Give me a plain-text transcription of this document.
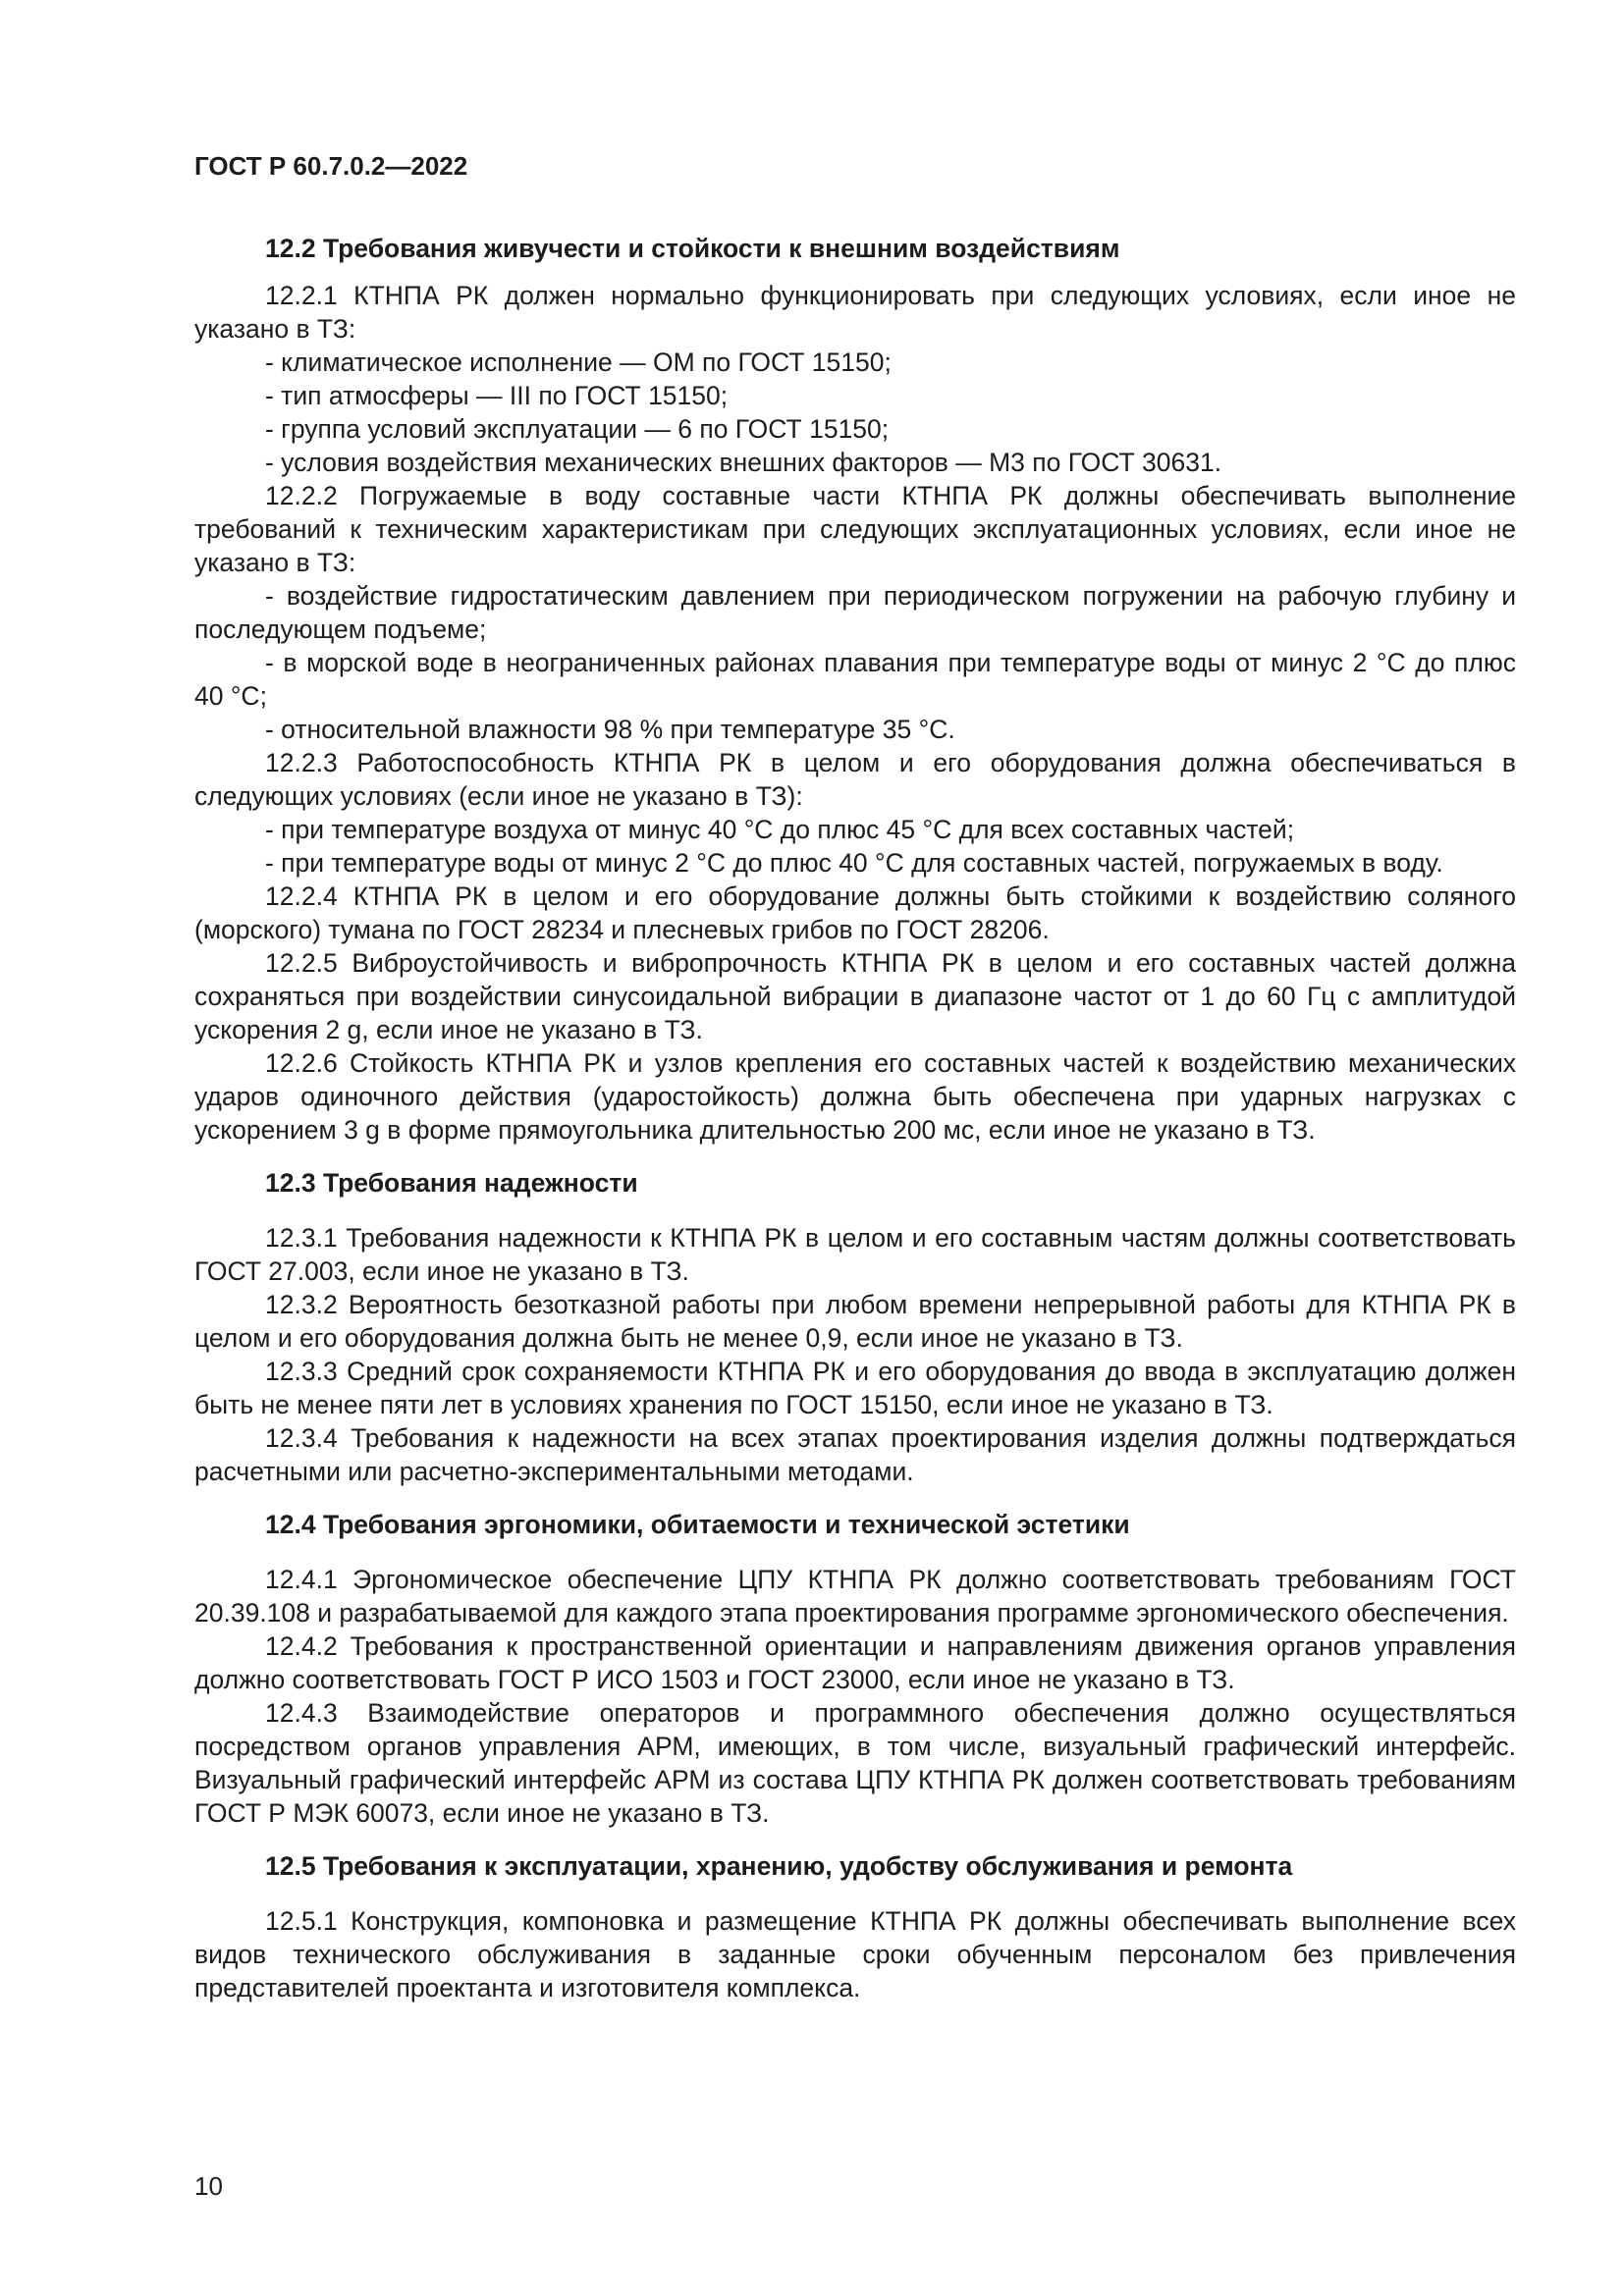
ГОСТ Р 60.7.0.2—2022
12.2 Требования живучести и стойкости к внешним воздействиям
12.2.1 КТНПА РК должен нормально функционировать при следующих условиях, если иное не указано в ТЗ:
- климатическое исполнение — ОМ по ГОСТ 15150;
- тип атмосферы — III по ГОСТ 15150;
- группа условий эксплуатации — 6 по ГОСТ 15150;
- условия воздействия механических внешних факторов — М3 по ГОСТ 30631.
12.2.2 Погружаемые в воду составные части КТНПА РК должны обеспечивать выполнение требований к техническим характеристикам при следующих эксплуатационных условиях, если иное не указано в ТЗ:
- воздействие гидростатическим давлением при периодическом погружении на рабочую глубину и последующем подъеме;
- в морской воде в неограниченных районах плавания при температуре воды от минус 2 °С до плюс 40 °С;
- относительной влажности 98 % при температуре 35 °С.
12.2.3 Работоспособность КТНПА РК в целом и его оборудования должна обеспечиваться в следующих условиях (если иное не указано в ТЗ):
- при температуре воздуха от минус 40 °С до плюс 45 °С для всех составных частей;
- при температуре воды от минус 2 °С до плюс 40 °С для составных частей, погружаемых в воду.
12.2.4 КТНПА РК в целом и его оборудование должны быть стойкими к воздействию соляного (морского) тумана по ГОСТ 28234 и плесневых грибов по ГОСТ 28206.
12.2.5 Виброустойчивость и вибропрочность КТНПА РК в целом и его составных частей должна сохраняться при воздействии синусоидальной вибрации в диапазоне частот от 1 до 60 Гц с амплитудой ускорения 2 g, если иное не указано в ТЗ.
12.2.6 Стойкость КТНПА РК и узлов крепления его составных частей к воздействию механических ударов одиночного действия (ударостойкость) должна быть обеспечена при ударных нагрузках с ускорением 3 g в форме прямоугольника длительностью 200 мс, если иное не указано в ТЗ.
12.3 Требования надежности
12.3.1 Требования надежности к КТНПА РК в целом и его составным частям должны соответствовать ГОСТ 27.003, если иное не указано в ТЗ.
12.3.2 Вероятность безотказной работы при любом времени непрерывной работы для КТНПА РК в целом и его оборудования должна быть не менее 0,9, если иное не указано в ТЗ.
12.3.3 Средний срок сохраняемости КТНПА РК и его оборудования до ввода в эксплуатацию должен быть не менее пяти лет в условиях хранения по ГОСТ 15150, если иное не указано в ТЗ.
12.3.4 Требования к надежности на всех этапах проектирования изделия должны подтверждаться расчетными или расчетно-экспериментальными методами.
12.4 Требования эргономики, обитаемости и технической эстетики
12.4.1 Эргономическое обеспечение ЦПУ КТНПА РК должно соответствовать требованиям ГОСТ 20.39.108 и разрабатываемой для каждого этапа проектирования программе эргономического обеспечения.
12.4.2 Требования к пространственной ориентации и направлениям движения органов управления должно соответствовать ГОСТ Р ИСО 1503 и ГОСТ 23000, если иное не указано в ТЗ.
12.4.3 Взаимодействие операторов и программного обеспечения должно осуществляться посредством органов управления АРМ, имеющих, в том числе, визуальный графический интерфейс. Визуальный графический интерфейс АРМ из состава ЦПУ КТНПА РК должен соответствовать требованиям ГОСТ Р МЭК 60073, если иное не указано в ТЗ.
12.5 Требования к эксплуатации, хранению, удобству обслуживания и ремонта
12.5.1 Конструкция, компоновка и размещение КТНПА РК должны обеспечивать выполнение всех видов технического обслуживания в заданные сроки обученным персоналом без привлечения представителей проектанта и изготовителя комплекса.
10
